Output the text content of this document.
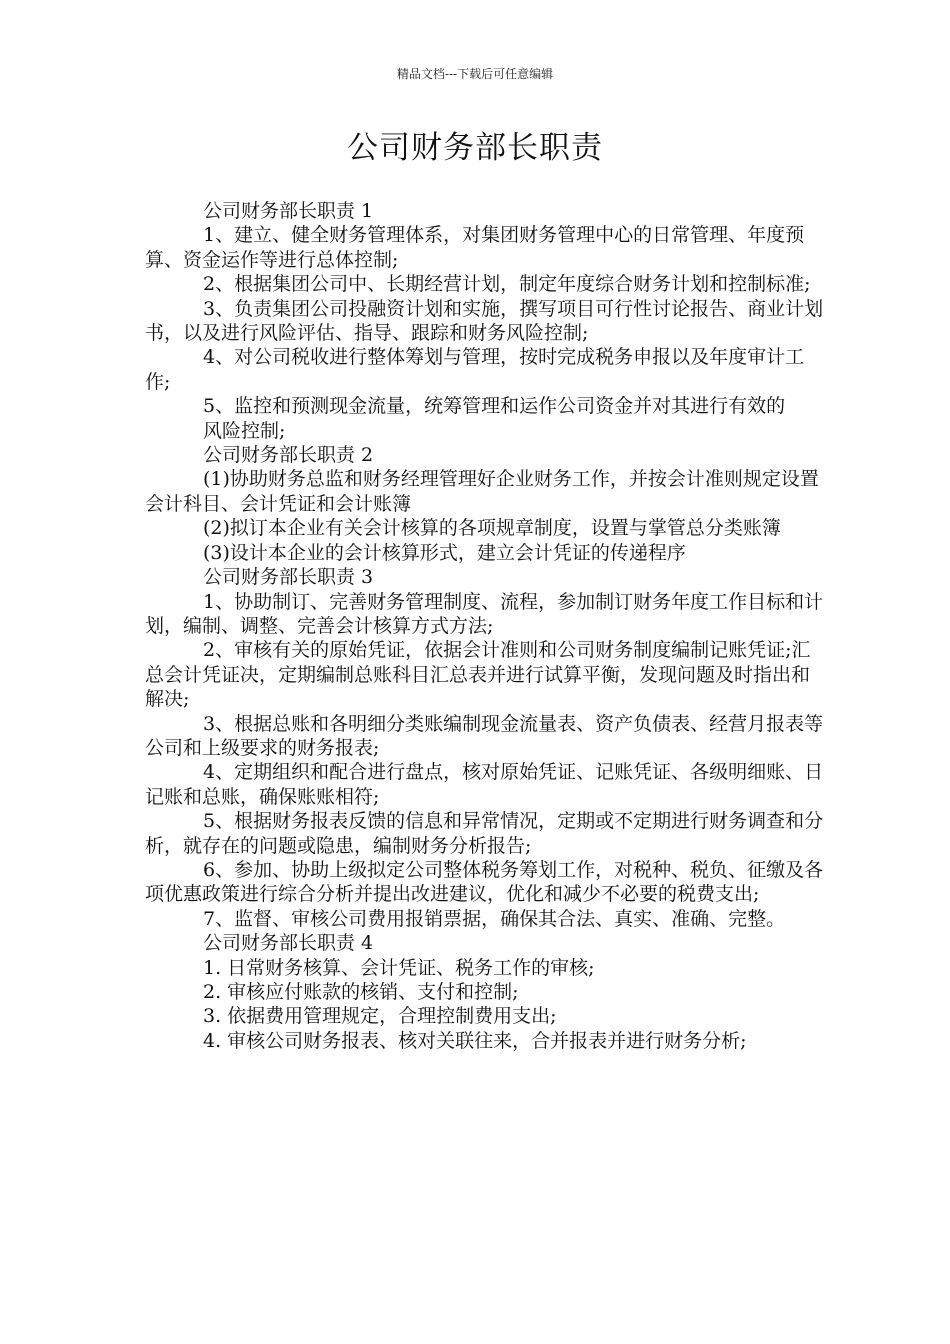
精品文档---下载后可任意编辑
公司财务部长职责

公司财务部长职责 1

1、建立、健全财务管理体系，对集团财务管理中心的日常管理、年度预算、资金运作等进行总体控制;

2、根据集团公司中、长期经营计划，制定年度综合财务计划和控制标准;

3、负责集团公司投融资计划和实施，撰写项目可行性讨论报告、商业计划书，以及进行风险评估、指导、跟踪和财务风险控制;

4、对公司税收进行整体筹划与管理，按时完成税务申报以及年度审计工作;

5、监控和预测现金流量，统筹管理和运作公司资金并对其进行有效的

风险控制;

公司财务部长职责 2

(1)协助财务总监和财务经理管理好企业财务工作，并按会计准则规定设置会计科目、会计凭证和会计账簿

(2)拟订本企业有关会计核算的各项规章制度，设置与掌管总分类账簿

(3)设计本企业的会计核算形式，建立会计凭证的传递程序

公司财务部长职责 3

1、协助制订、完善财务管理制度、流程，参加制订财务年度工作目标和计划，编制、调整、完善会计核算方式方法;

2、审核有关的原始凭证，依据会计准则和公司财务制度编制记账凭证;汇总会计凭证决，定期编制总账科目汇总表并进行试算平衡，发现问题及时指出和解决;

3、根据总账和各明细分类账编制现金流量表、资产负债表、经营月报表等公司和上级要求的财务报表;

4、定期组织和配合进行盘点，核对原始凭证、记账凭证、各级明细账、日记账和总账，确保账账相符;

5、根据财务报表反馈的信息和异常情况，定期或不定期进行财务调查和分析，就存在的问题或隐患，编制财务分析报告;

6、参加、协助上级拟定公司整体税务筹划工作，对税种、税负、征缴及各项优惠政策进行综合分析并提出改进建议，优化和减少不必要的税费支出;

7、监督、审核公司费用报销票据，确保其合法、真实、准确、完整。

公司财务部长职责 4

1. 日常财务核算、会计凭证、税务工作的审核;

2. 审核应付账款的核销、支付和控制;

3. 依据费用管理规定，合理控制费用支出;

4. 审核公司财务报表、核对关联往来，合并报表并进行财务分析;
